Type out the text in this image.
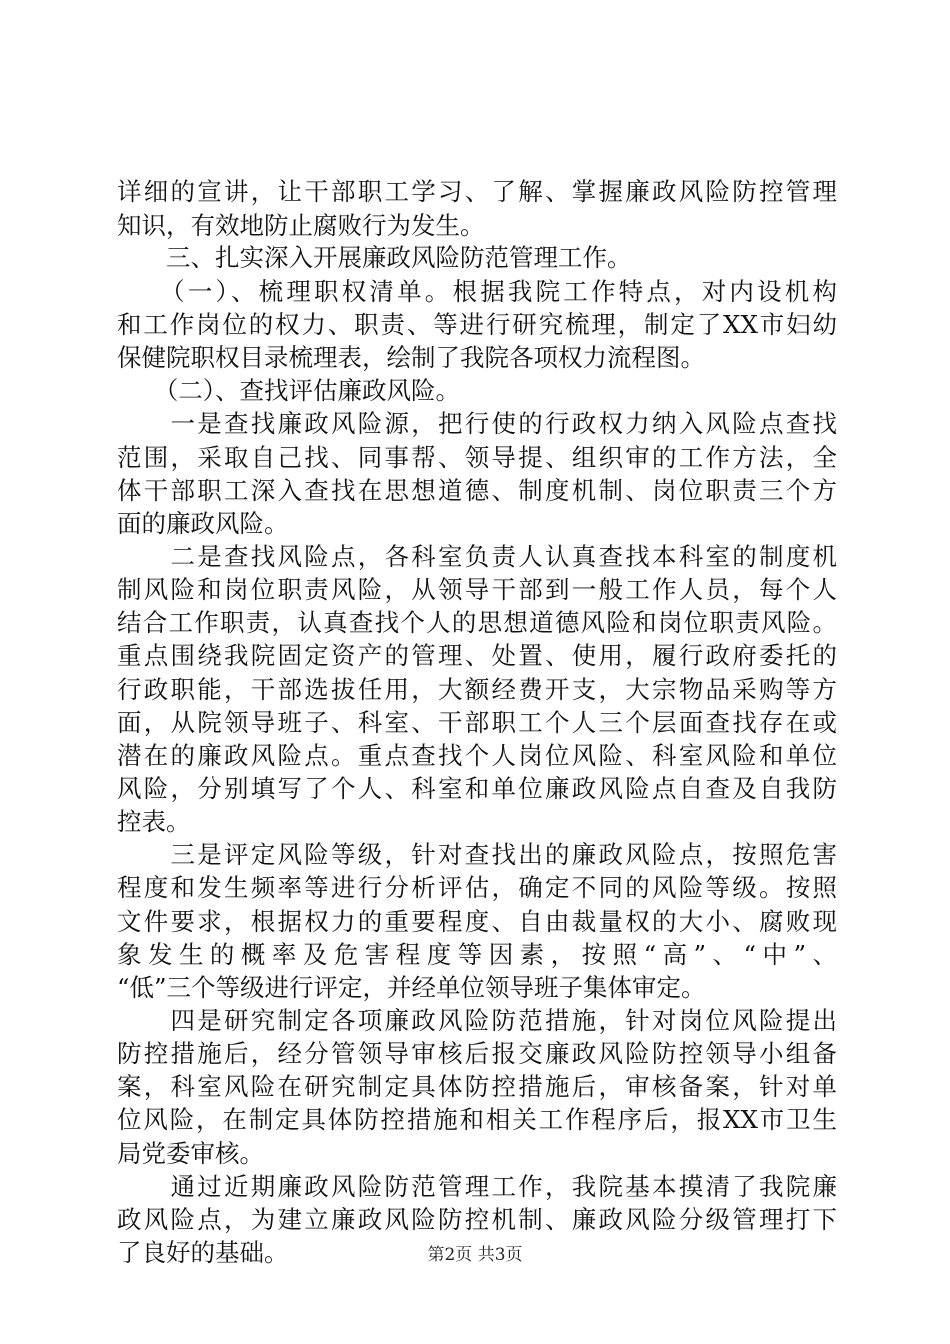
详细的宣讲，让干部职工学习、了解、掌握廉政风险防控管理
知识，有效地防止腐败行为发生。
　　三、扎实深入开展廉政风险防范管理工作。
　　（一）、梳理职权清单。根据我院工作特点，对内设机构
和工作岗位的权力、职责、等进行研究梳理，制定了XX市妇幼
保健院职权目录梳理表，绘制了我院各项权力流程图。
　　（二）、查找评估廉政风险。
　　一是查找廉政风险源，把行使的行政权力纳入风险点查找
范围，采取自己找、同事帮、领导提、组织审的工作方法，全
体干部职工深入查找在思想道德、制度机制、岗位职责三个方
面的廉政风险。
　　二是查找风险点，各科室负责人认真查找本科室的制度机
制风险和岗位职责风险，从领导干部到一般工作人员，每个人
结合工作职责，认真查找个人的思想道德风险和岗位职责风险。
重点围绕我院固定资产的管理、处置、使用，履行政府委托的
行政职能，干部选拔任用，大额经费开支，大宗物品采购等方
面，从院领导班子、科室、干部职工个人三个层面查找存在或
潜在的廉政风险点。重点查找个人岗位风险、科室风险和单位
风险，分别填写了个人、科室和单位廉政风险点自查及自我防
控表。
　　三是评定风险等级，针对查找出的廉政风险点，按照危害
程度和发生频率等进行分析评估，确定不同的风险等级。按照
文件要求，根据权力的重要程度、自由裁量权的大小、腐败现
象发生的概率及危害程度等因素，按照“高”、“中”、
“低”三个等级进行评定，并经单位领导班子集体审定。
　　四是研究制定各项廉政风险防范措施，针对岗位风险提出
防控措施后，经分管领导审核后报交廉政风险防控领导小组备
案，科室风险在研究制定具体防控措施后，审核备案，针对单
位风险，在制定具体防控措施和相关工作程序后，报XX市卫生
局党委审核。
　　通过近期廉政风险防范管理工作，我院基本摸清了我院廉
政风险点，为建立廉政风险防控机制、廉政风险分级管理打下
了良好的基础。	第2页 共3页
